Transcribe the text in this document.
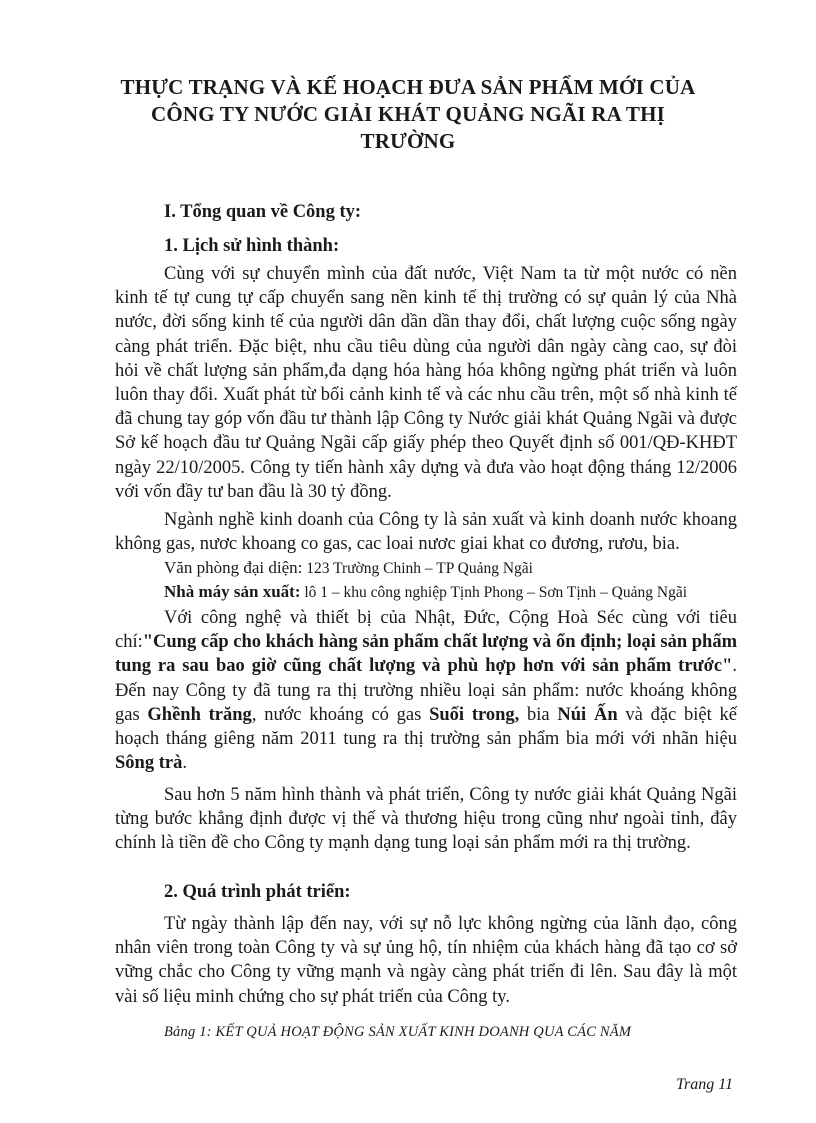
THỰC TRẠNG VÀ KẾ HOẠCH ĐƯA SẢN PHẨM MỚI CỦA
CÔNG TY NƯỚC GIẢI KHÁT QUẢNG NGÃI RA THỊ
TRƯỜNG
I. Tổng quan về Công ty:
1. Lịch sử hình thành:
Cùng với sự chuyển mình của đất nước, Việt Nam ta từ một nước có nền kinh tế tự cung tự cấp chuyển sang nền kinh tế thị trường có sự quản lý của Nhà nước, đời sống kinh tế của người dân dần dần thay đổi, chất lượng cuộc sống ngày càng phát triển. Đặc biệt, nhu cầu tiêu dùng của người dân ngày càng cao, sự đòi hỏi về chất lượng sản phẩm,đa dạng hóa hàng hóa không ngừng phát triển và luôn luôn thay đổi. Xuất phát từ bối cảnh kinh tế và các nhu cầu trên, một số nhà kinh tế đã chung tay góp vốn đầu tư thành lập Công ty Nước giải khát Quảng Ngãi và được Sở kế hoạch đầu tư Quảng Ngãi cấp giấy phép theo Quyết định số 001/QĐ-KHĐT ngày 22/10/2005. Công ty tiến hành xây dựng và đưa vào hoạt động tháng 12/2006 với vốn đầy tư ban đầu là 30 tỷ đồng.
Ngành nghề kinh doanh của Công ty là sản xuất và kinh doanh nước khoang không gas, nươc khoang co gas, cac loai nươc giai khat co đương, rươu, bia.
Văn phòng đại diện: 123 Trường Chinh – TP Quảng Ngãi
Nhà máy sản xuất: lô 1 – khu công nghiệp Tịnh Phong – Sơn Tịnh – Quảng Ngãi
Với công nghệ và thiết bị của Nhật, Đức, Cộng Hoà Séc cùng với tiêu chí:"Cung cấp cho khách hàng sản phẩm chất lượng và ổn định; loại sản phẩm tung ra sau bao giờ cũng chất lượng và phù hợp hơn với sản phẩm trước". Đến nay Công ty đã tung ra thị trường nhiều loại sản phẩm: nước khoáng không gas Ghềnh trăng, nước khoáng có gas Suối trong, bia Núi Ấn và đặc biệt kế hoạch tháng giêng năm 2011 tung ra thị trường sản phẩm bia mới với nhãn hiệu Sông trà.
Sau hơn 5 năm hình thành và phát triển, Công ty nước giải khát Quảng Ngãi từng bước khẳng định được vị thế và thương hiệu trong cũng như ngoài tỉnh, đây chính là tiền đề cho Công ty mạnh dạng tung loại sản phẩm mới ra thị trường.
2. Quá trình phát triển:
Từ ngày thành lập đến nay, với sự nỗ lực không ngừng của lãnh đạo, công nhân viên trong toàn Công ty và sự ủng hộ, tín nhiệm của khách hàng đã tạo cơ sở vững chắc cho Công ty vững mạnh và ngày càng phát triển đi lên. Sau đây là một vài số liệu minh chứng cho sự phát triển của Công ty.
Bảng 1: KẾT QUẢ HOẠT ĐỘNG SẢN XUẤT KINH DOANH QUA CÁC NĂM
Trang 11
